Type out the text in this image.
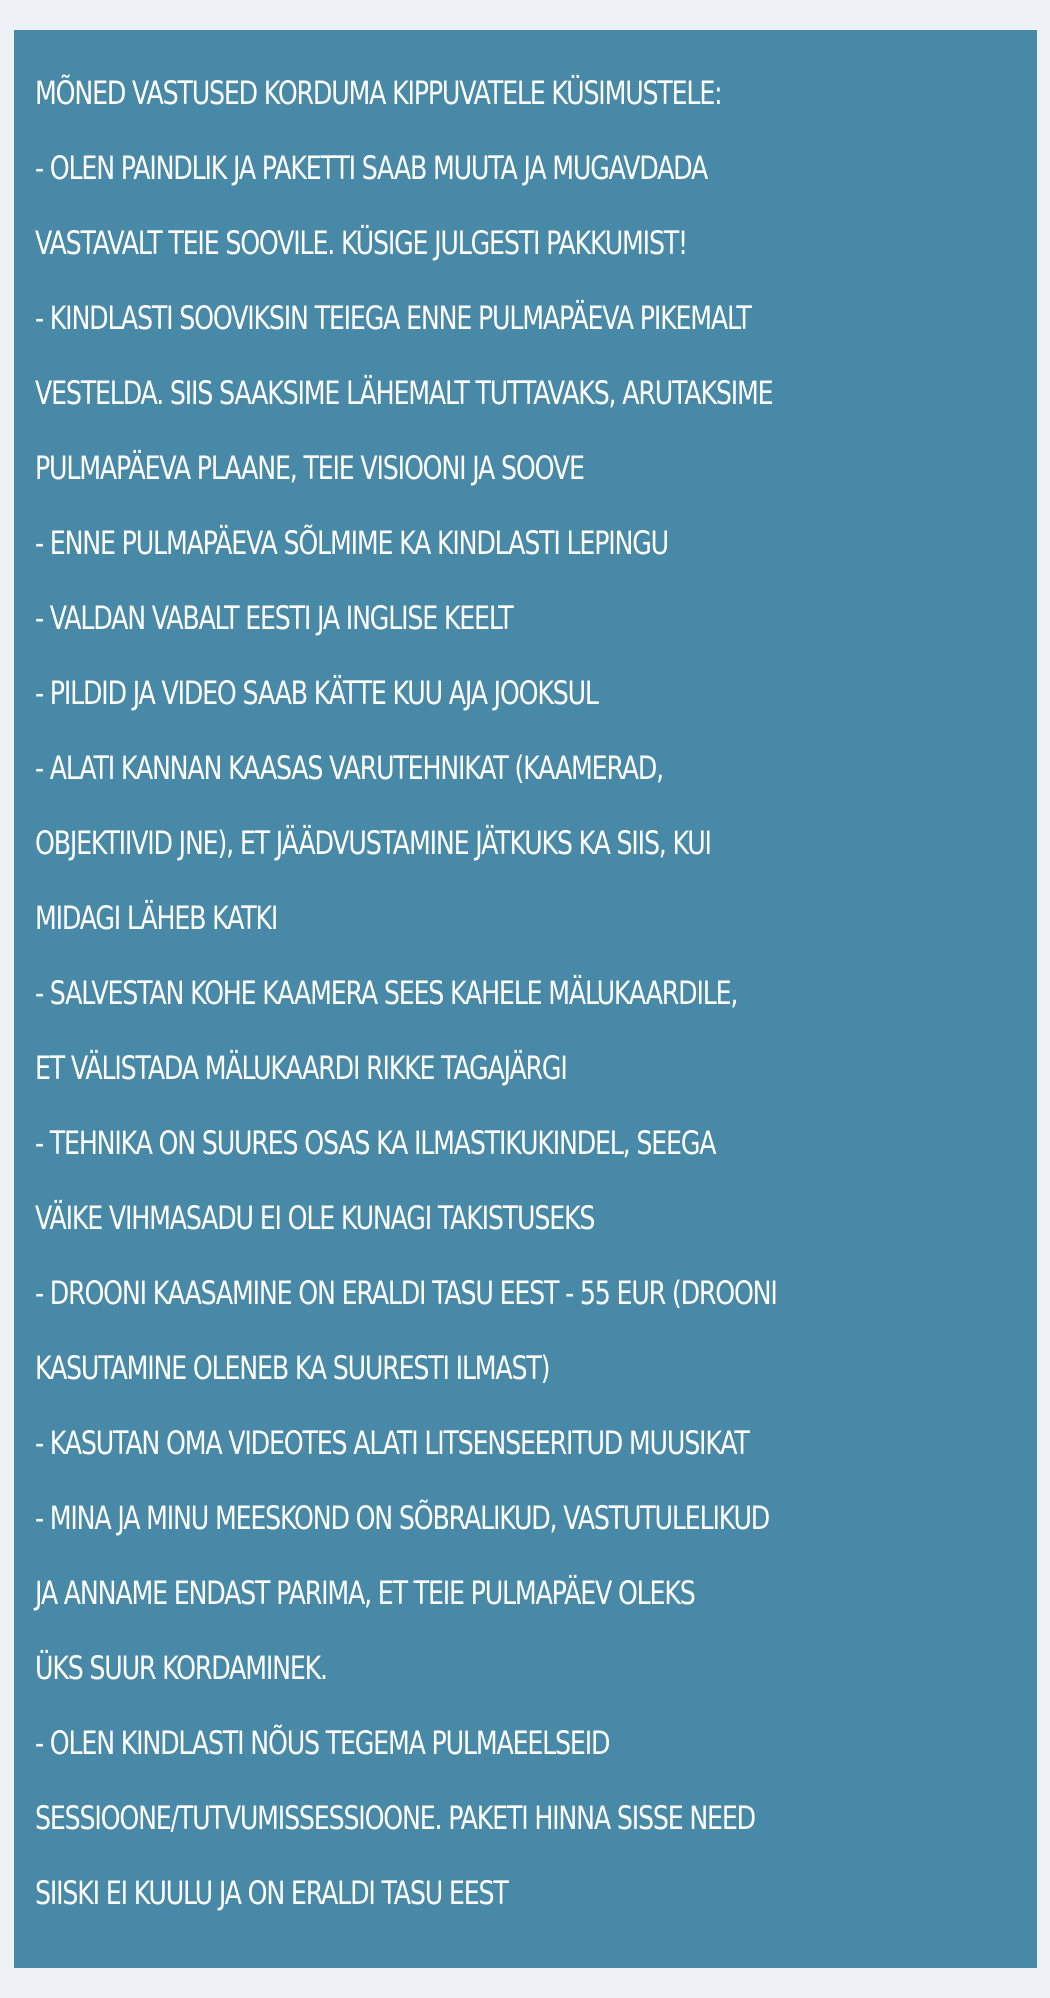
MÕNED VASTUSED KORDUMA KIPPUVATELE KÜSIMUSTELE:
- OLEN PAINDLIK JA PAKETTI SAAB MUUTA JA MUGAVDADA
VASTAVALT TEIE SOOVILE. KÜSIGE JULGESTI PAKKUMIST!
- KINDLASTI SOOVIKSIN TEIEGA ENNE PULMAPÄEVA PIKEMALT
VESTELDA. SIIS SAAKSIME LÄHEMALT TUTTAVAKS, ARUTAKSIME
PULMAPÄEVA PLAANE, TEIE VISIOONI JA SOOVE
- ENNE PULMAPÄEVA SÕLMIME KA KINDLASTI LEPINGU
- VALDAN VABALT EESTI JA INGLISE KEELT
- PILDID JA VIDEO SAAB KÄTTE KUU AJA JOOKSUL
- ALATI KANNAN KAASAS VARUTEHNIKAT (KAAMERAD,
OBJEKTIIVID JNE), ET JÄÄDVUSTAMINE JÄTKUKS KA SIIS, KUI
MIDAGI LÄHEB KATKI
- SALVESTAN KOHE KAAMERA SEES KAHELE MÄLUKAARDILE,
ET VÄLISTADA MÄLUKAARDI RIKKE TAGAJÄRGI
- TEHNIKA ON SUURES OSAS KA ILMASTIKUKINDEL, SEEGA
VÄIKE VIHMASADU EI OLE KUNAGI TAKISTUSEKS
- DROONI KAASAMINE ON ERALDI TASU EEST - 55 EUR (DROONI
KASUTAMINE OLENEB KA SUURESTI ILMAST)
- KASUTAN OMA VIDEOTES ALATI LITSENSEERITUD MUUSIKAT
- MINA JA MINU MEESKOND ON SÕBRALIKUD, VASTUTULELIKUD
JA ANNAME ENDAST PARIMA, ET TEIE PULMAPÄEV OLEKS
ÜKS SUUR KORDAMINEK.
- OLEN KINDLASTI NÕUS TEGEMA PULMAEELSEID
SESSIOONE/TUTVUMISSESSIOONE. PAKETI HINNA SISSE NEED
SIISKI EI KUULU JA ON ERALDI TASU EEST
